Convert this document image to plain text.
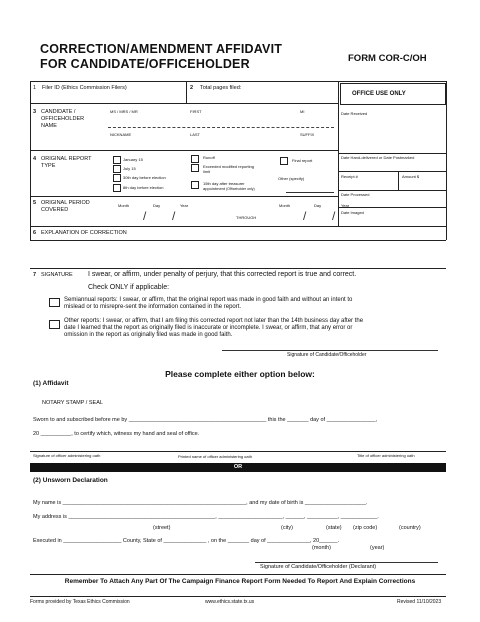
CORRECTION/AMENDMENT AFFIDAVIT
FOR CANDIDATE/OFFICEHOLDER	FORM COR-C/OH
1 Filer ID (Ethics Commission Filers)	2 Total pages filed:
OFFICE USE ONLY
Date Received
Date Hand-delivered or Date Postmarked
Receipt #	Amount $
Date Processed
Date Imaged
3 CANDIDATE /
OFFICEHOLDER
NAME
MS / MRS / MR	FIRST	MI
NICKNAME	LAST	SUFFIX
4 ORIGINAL REPORT
TYPE
January 15
July 15
30th day before election
8th day before election
Runoff
Exceeded modified reporting
limit
15th day after treasurer
appointment (Officeholder only)
Final report
Other (specify)
5 ORIGINAL PERIOD
COVERED
Month	Day	Year
/ /	THROUGH
Month	Day	Year
/ /
6 EXPLANATION OF CORRECTION
7 SIGNATURE I swear, or affirm, under penalty of perjury, that this corrected report is true and correct.
Check ONLY if applicable:
Semiannual reports: I swear, or affirm, that the original report was made in good faith and without an intent to
mislead or to misrepre-sent the information contained in the report.
Other reports: I swear, or affirm, that I am filing this corrected report not later than the 14th business day after the
date I learned that the report as originally filed is inaccurate or incomplete. I swear, or affirm, that any error or
omission in the report as originally filed was made in good faith.
Signature of Candidate/Officeholder
Please complete either option below:
(1) Affidavit
NOTARY STAMP / SEAL
Sworn to and subscribed before me by _____________________________________________ this the _______ day of ________________,
20 __________, to certify which, witness my hand and seal of office.
Signature of officer administering oath	Printed name of officer administering oath	Title of officer administering oath
OR
(2) Unsworn Declaration
My name is ____________________________________________________________, and my date of birth is ____________________.
My address is ________________________________________________, _____________________, ______, __________, ____________.
(street)	(city)	(state) (zip code)	(country)
Executed in ___________________ County, State of ______________ , on the _______ day of ______________, 20______.
(month)	(year)
Signature of Candidate/Officeholder (Declarant)
Remember To Attach Any Part Of The Campaign Finance Report Form Needed To Report And Explain Corrections
Forms provided by Texas Ethics Commission	www.ethics.state.tx.us	Revised 11/10/2023
